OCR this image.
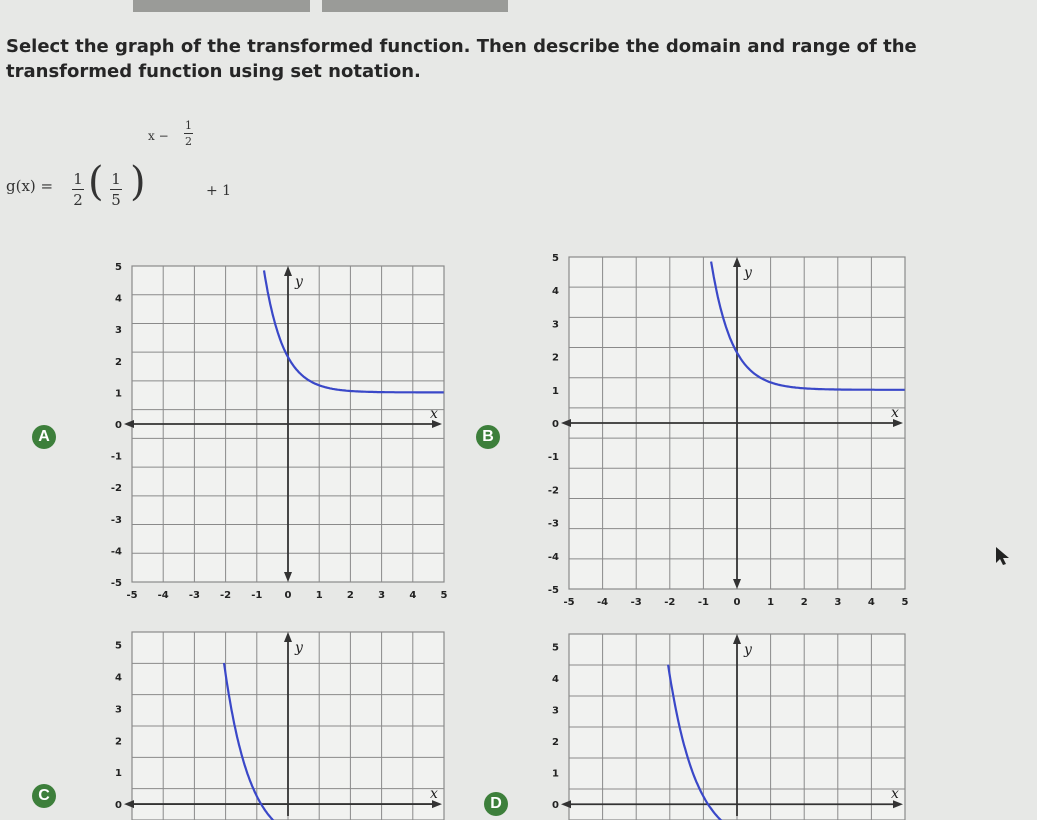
Select the graph of the transformed function. Then describe the domain and range of the transformed function using set notation.
g(x) = 1
2 ( 1
5 )
x −
1
2
+ 1
x
y
5
4
3
2
1
0
-1
-2
-3
-4
-5
-5 -4 -3 -2 -1 0 1 2 3 4 5
A
x
y
5
4
3
2
1
0
-1
-2
-3
-4
-5
-5 -4 -3 -2 -1 0	1	2	3	4	5
B
x
y
5
4
3
2
1
0
C	x
y
5
4
3
2
1
0
D
